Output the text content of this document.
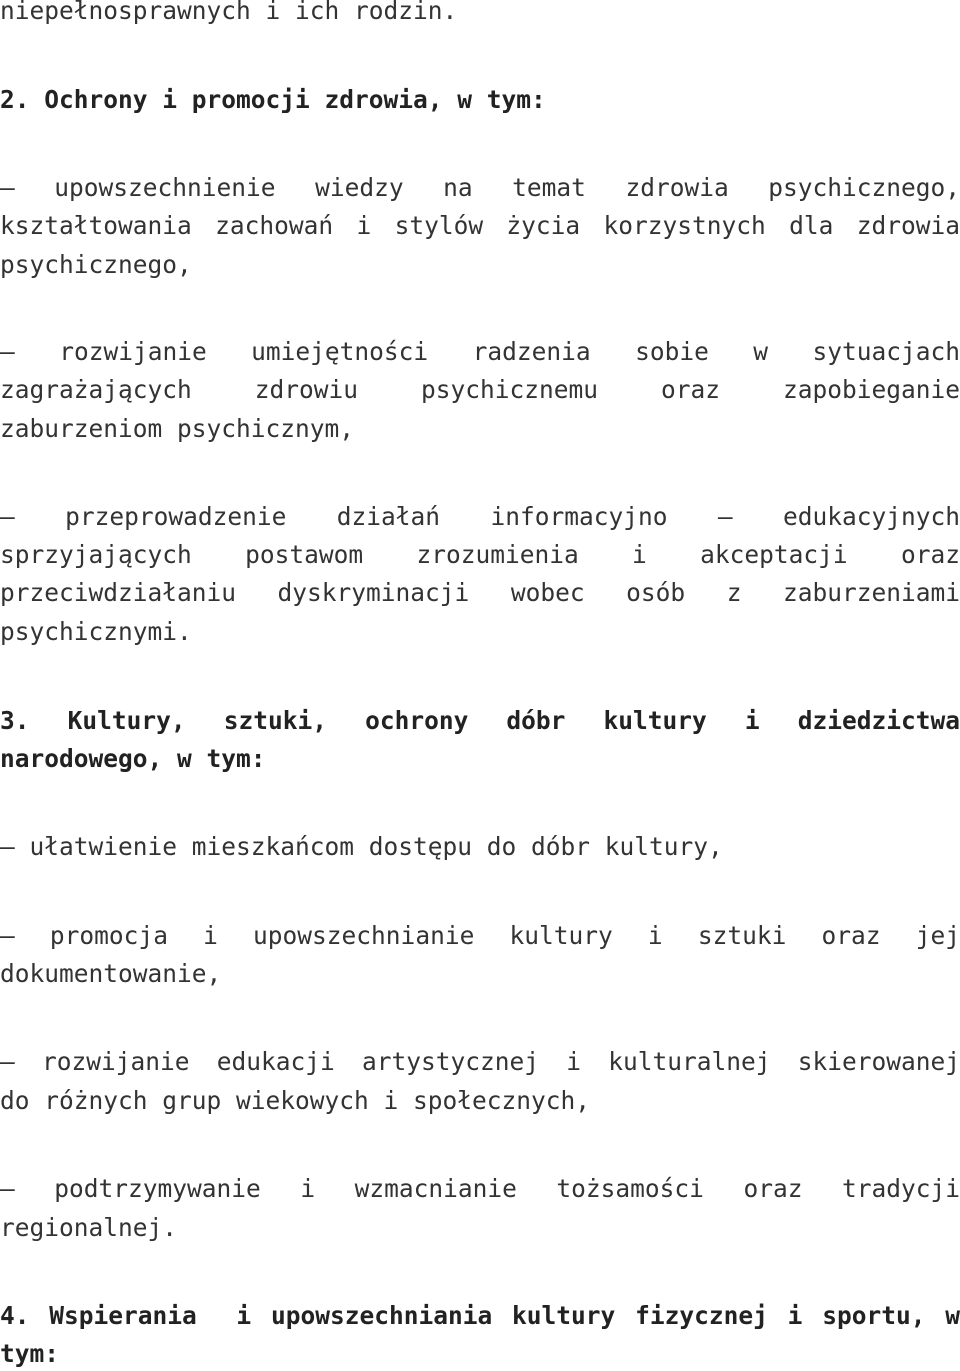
niepełnosprawnych i ich rodzin.
2. Ochrony i promocji zdrowia, w tym:
– upowszechnienie wiedzy na temat zdrowia psychicznego,
kształtowania zachowań i stylów życia korzystnych dla zdrowia
psychicznego,
– rozwijanie umiejętności radzenia sobie w sytuacjach
zagrażających zdrowiu psychicznemu oraz zapobieganie
zaburzeniom psychicznym,
– przeprowadzenie działań informacyjno – edukacyjnych
sprzyjających postawom zrozumienia i akceptacji oraz
przeciwdziałaniu dyskryminacji wobec osób z zaburzeniami
psychicznymi.
3. Kultury, sztuki, ochrony dóbr kultury i dziedzictwa
narodowego, w tym:
– ułatwienie mieszkańcom dostępu do dóbr kultury,
– promocja i upowszechnianie kultury i sztuki oraz jej
dokumentowanie,
– rozwijanie edukacji artystycznej i kulturalnej skierowanej
do różnych grup wiekowych i społecznych,
– podtrzymywanie i wzmacnianie tożsamości oraz tradycji
regionalnej.
4. Wspierania  i upowszechniania kultury fizycznej i sportu, w
tym:
